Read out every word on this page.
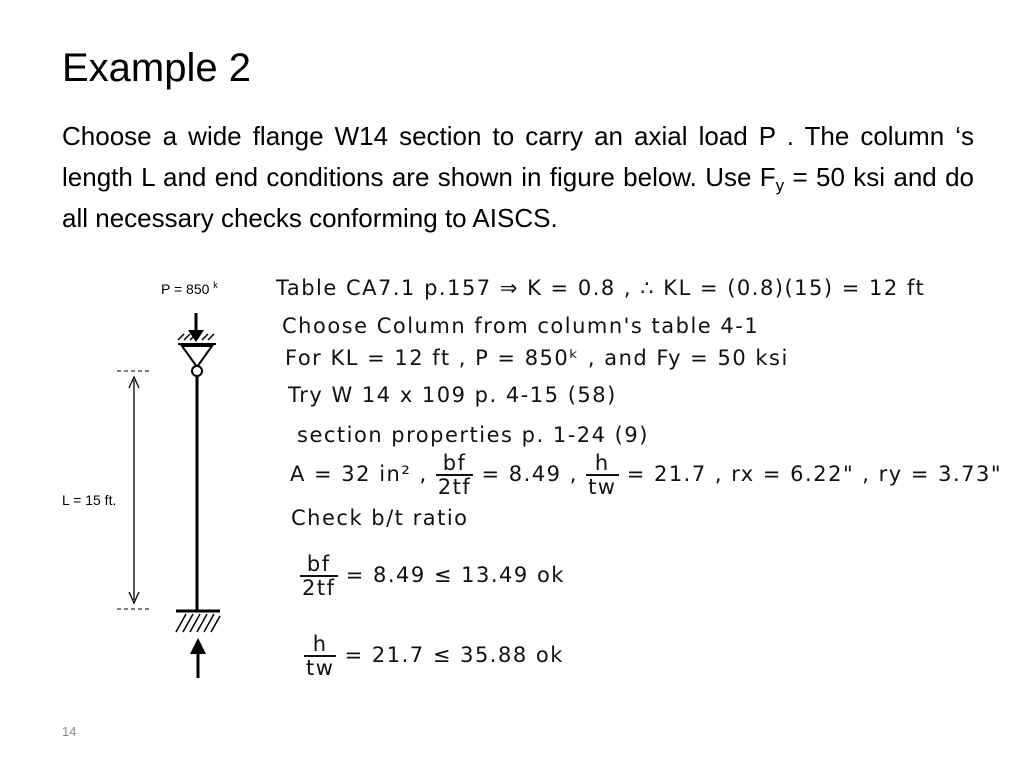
Example 2

Choose a wide flange W14 section to carry an axial load P . The column ‘s length L and end conditions are shown in figure below. Use $F_y = 50$ ksi and do all necessary checks conforming to AISCS.

P = 850 $^k$
L = 15 ft.
Table CA7.1 p.157 ⇒ K = 0.8 , ∴ KL = (0.8)(15) = 12 ft
Choose Column from column's table 4-1
For KL = 12 ft , P = 850ᵏ , and Fy = 50 ksi
Try W 14 x 109 p. 4-15 (58)
section properties p. 1-24 (9)
A = 32 in² , $\frac{bf}{2tf} = 8.49$ , $\frac{h}{tw} = 21.7$ , rx = 6.22" , ry = 3.73"
Check b/t ratio
$\frac{bf}{2tf} = 8.49 \le 13.49$ ok
$\frac{h}{tw} = 21.7 \le 35.88$ ok
14
